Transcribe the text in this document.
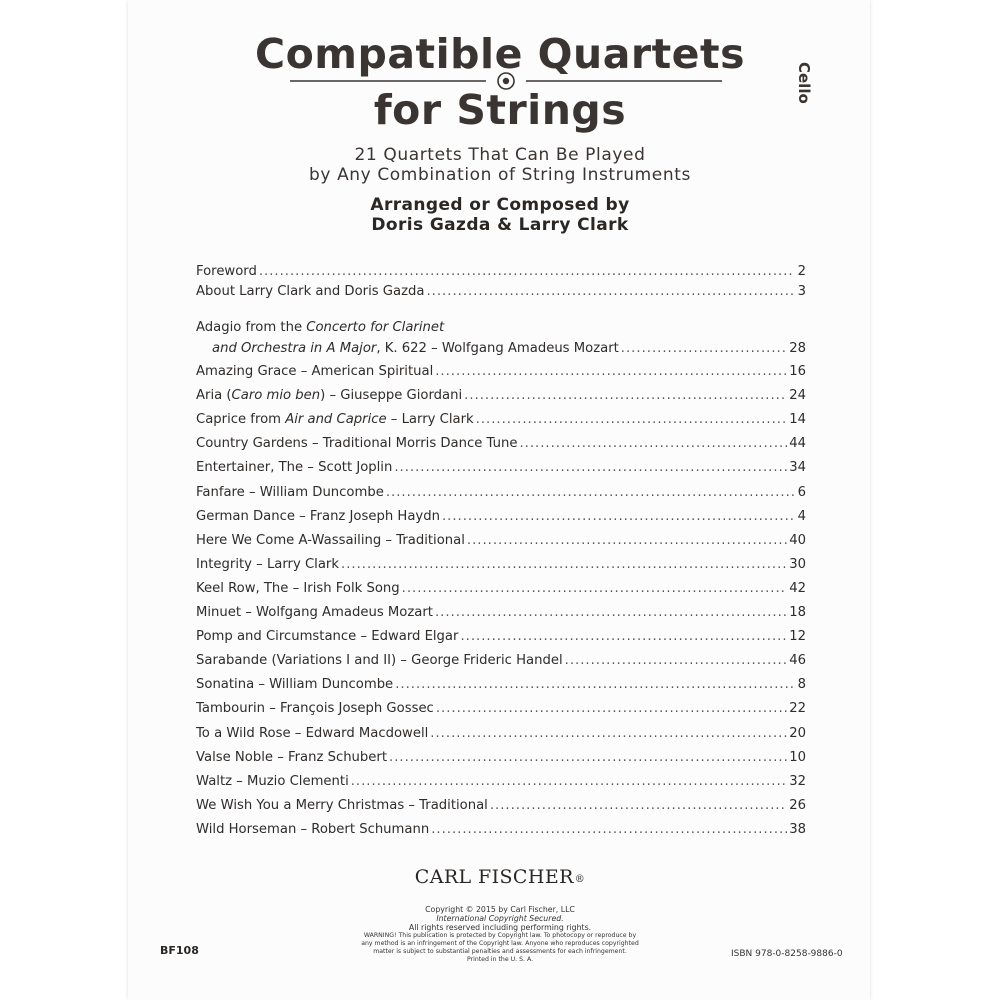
Compatible Quartets
for Strings
Cello
21 Quartets That Can Be Played
by Any Combination of String Instruments
Arranged or Composed by
Doris Gazda & Larry Clark
Foreword .....	2
About Larry Clark and Doris Gazda .....	3
Adagio from the Concerto for Clarinet
and Orchestra in A Major, K. 622 – Wolfgang Amadeus Mozart .....	28
Amazing Grace – American Spiritual .....	16
Aria (Caro mio ben) – Giuseppe Giordani .....	24
Caprice from Air and Caprice – Larry Clark .....	14
Country Gardens – Traditional Morris Dance Tune .....	44
Entertainer, The – Scott Joplin .....	34
Fanfare – William Duncombe .....	6
German Dance – Franz Joseph Haydn .....	4
Here We Come A-Wassailing – Traditional .....	40
Integrity – Larry Clark .....	30
Keel Row, The – Irish Folk Song .....	42
Minuet – Wolfgang Amadeus Mozart .....	18
Pomp and Circumstance – Edward Elgar .....	12
Sarabande (Variations I and II) – George Frideric Handel .....	46
Sonatina – William Duncombe .....	8
Tambourin – François Joseph Gossec .....	22
To a Wild Rose – Edward Macdowell .....	20
Valse Noble – Franz Schubert .....	10
Waltz – Muzio Clementi .....	32
We Wish You a Merry Christmas – Traditional .....	26
Wild Horseman – Robert Schumann .....	38
CARL FISCHER®
Copyright © 2015 by Carl Fischer, LLC
International Copyright Secured.
All rights reserved including performing rights.
WARNING! This publication is protected by Copyright law. To photocopy or reproduce by
any method is an infringement of the Copyright law. Anyone who reproduces copyrighted
matter is subject to substantial penalties and assessments for each infringement.
Printed in the U. S. A.
BF108	ISBN 978-0-8258-9886-0
